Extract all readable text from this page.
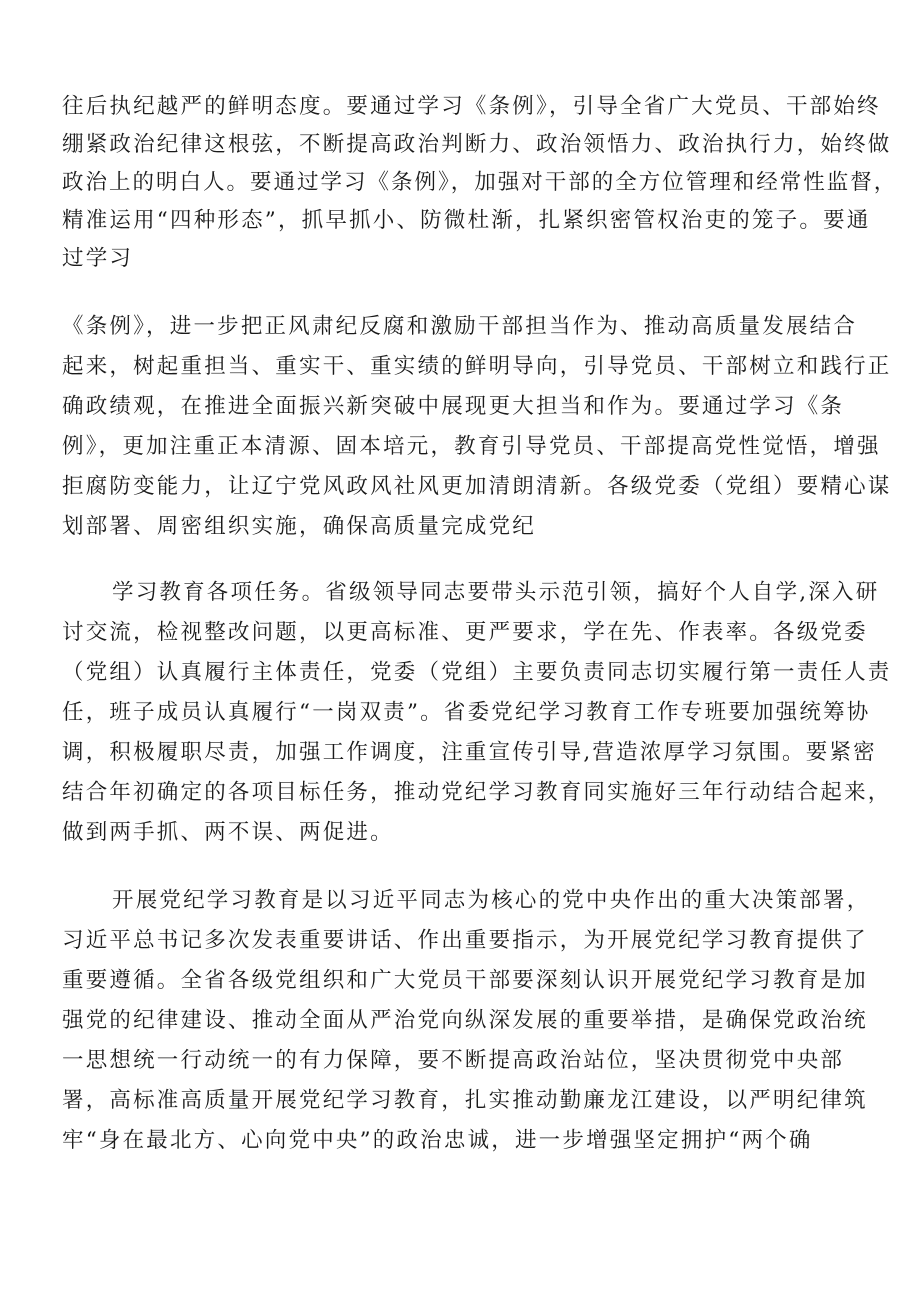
往后执纪越严的鲜明态度。要通过学习《条例》，引导全省广大党员、干部始终
绷紧政治纪律这根弦，不断提高政治判断力、政治领悟力、政治执行力，始终做
政治上的明白人。要通过学习《条例》，加强对干部的全方位管理和经常性监督，
精准运用“四种形态”，抓早抓小、防微杜渐，扎紧织密管权治吏的笼子。要通
过学习
《条例》，进一步把正风肃纪反腐和激励干部担当作为、推动高质量发展结合
起来，树起重担当、重实干、重实绩的鲜明导向，引导党员、干部树立和践行正
确政绩观，在推进全面振兴新突破中展现更大担当和作为。要通过学习《条
例》，更加注重正本清源、固本培元，教育引导党员、干部提高党性觉悟，增强
拒腐防变能力，让辽宁党风政风社风更加清朗清新。各级党委（党组）要精心谋
划部署、周密组织实施，确保高质量完成党纪
学习教育各项任务。省级领导同志要带头示范引领，搞好个人自学,深入研
讨交流，检视整改问题，以更高标准、更严要求，学在先、作表率。各级党委
（党组）认真履行主体责任，党委（党组）主要负责同志切实履行第一责任人责
任，班子成员认真履行“一岗双责”。省委党纪学习教育工作专班要加强统筹协
调，积极履职尽责，加强工作调度，注重宣传引导,营造浓厚学习氛围。要紧密
结合年初确定的各项目标任务，推动党纪学习教育同实施好三年行动结合起来，
做到两手抓、两不误、两促进。
开展党纪学习教育是以习近平同志为核心的党中央作出的重大决策部署，
习近平总书记多次发表重要讲话、作出重要指示，为开展党纪学习教育提供了
重要遵循。全省各级党组织和广大党员干部要深刻认识开展党纪学习教育是加
强党的纪律建设、推动全面从严治党向纵深发展的重要举措，是确保党政治统
一思想统一行动统一的有力保障，要不断提高政治站位，坚决贯彻党中央部
署，高标准高质量开展党纪学习教育，扎实推动勤廉龙江建设，以严明纪律筑
牢“身在最北方、心向党中央”的政治忠诚，进一步增强坚定拥护“两个确
